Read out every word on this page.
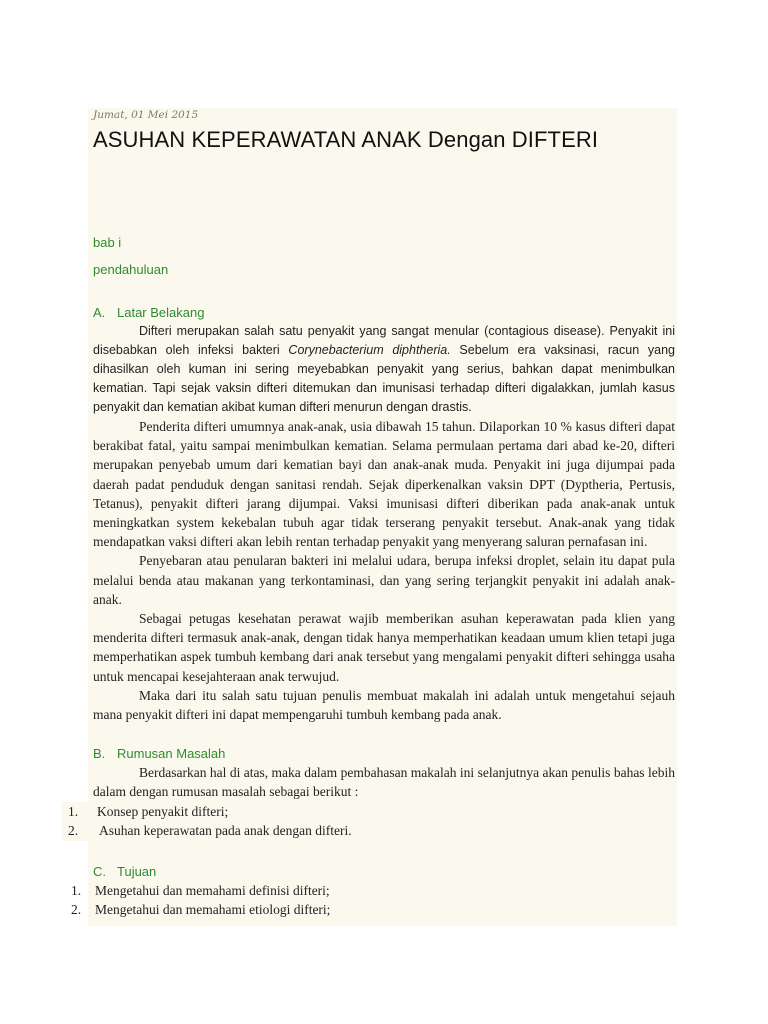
Jumat, 01 Mei 2015

ASUHAN KEPERAWATAN ANAK Dengan DIFTERI

bab i

pendahuluan

A. Latar Belakang

Difteri merupakan salah satu penyakit yang sangat menular (contagious disease). Penyakit ini disebabkan oleh infeksi bakteri Corynebacterium diphtheria. Sebelum era vaksinasi, racun yang dihasilkan oleh kuman ini sering meyebabkan penyakit yang serius, bahkan dapat menimbulkan kematian. Tapi sejak vaksin difteri ditemukan dan imunisasi terhadap difteri digalakkan, jumlah kasus penyakit dan kematian akibat kuman difteri menurun dengan drastis.

Penderita difteri umumnya anak-anak, usia dibawah 15 tahun. Dilaporkan 10 % kasus difteri dapat berakibat fatal, yaitu sampai menimbulkan kematian. Selama permulaan pertama dari abad ke-20, difteri merupakan penyebab umum dari kematian bayi dan anak-anak muda. Penyakit ini juga dijumpai pada daerah padat penduduk dengan sanitasi rendah. Sejak diperkenalkan vaksin DPT (Dyptheria, Pertusis, Tetanus), penyakit difteri jarang dijumpai. Vaksi imunisasi difteri diberikan pada anak-anak untuk meningkatkan system kekebalan tubuh agar tidak terserang penyakit tersebut. Anak-anak yang tidak mendapatkan vaksi difteri akan lebih rentan terhadap penyakit yang menyerang saluran pernafasan ini.

Penyebaran atau penularan bakteri ini melalui udara, berupa infeksi droplet, selain itu dapat pula melalui benda atau makanan yang terkontaminasi, dan yang sering terjangkit penyakit ini adalah anak-anak.

Sebagai petugas kesehatan perawat wajib memberikan asuhan keperawatan pada klien yang menderita difteri termasuk anak-anak, dengan tidak hanya memperhatikan keadaan umum klien tetapi juga memperhatikan aspek tumbuh kembang dari anak tersebut yang mengalami penyakit difteri sehingga usaha untuk mencapai kesejahteraan anak terwujud.

Maka dari itu salah satu tujuan penulis membuat makalah ini adalah untuk mengetahui sejauh mana penyakit difteri ini dapat mempengaruhi tumbuh kembang pada anak.

B. Rumusan Masalah

Berdasarkan hal di atas, maka dalam pembahasan makalah ini selanjutnya akan penulis bahas lebih dalam dengan rumusan masalah sebagai berikut :

1. Konsep penyakit difteri;
2. Asuhan keperawatan pada anak dengan difteri.
C. Tujuan
1. Mengetahui dan memahami definisi difteri;
2. Mengetahui dan memahami etiologi difteri;
